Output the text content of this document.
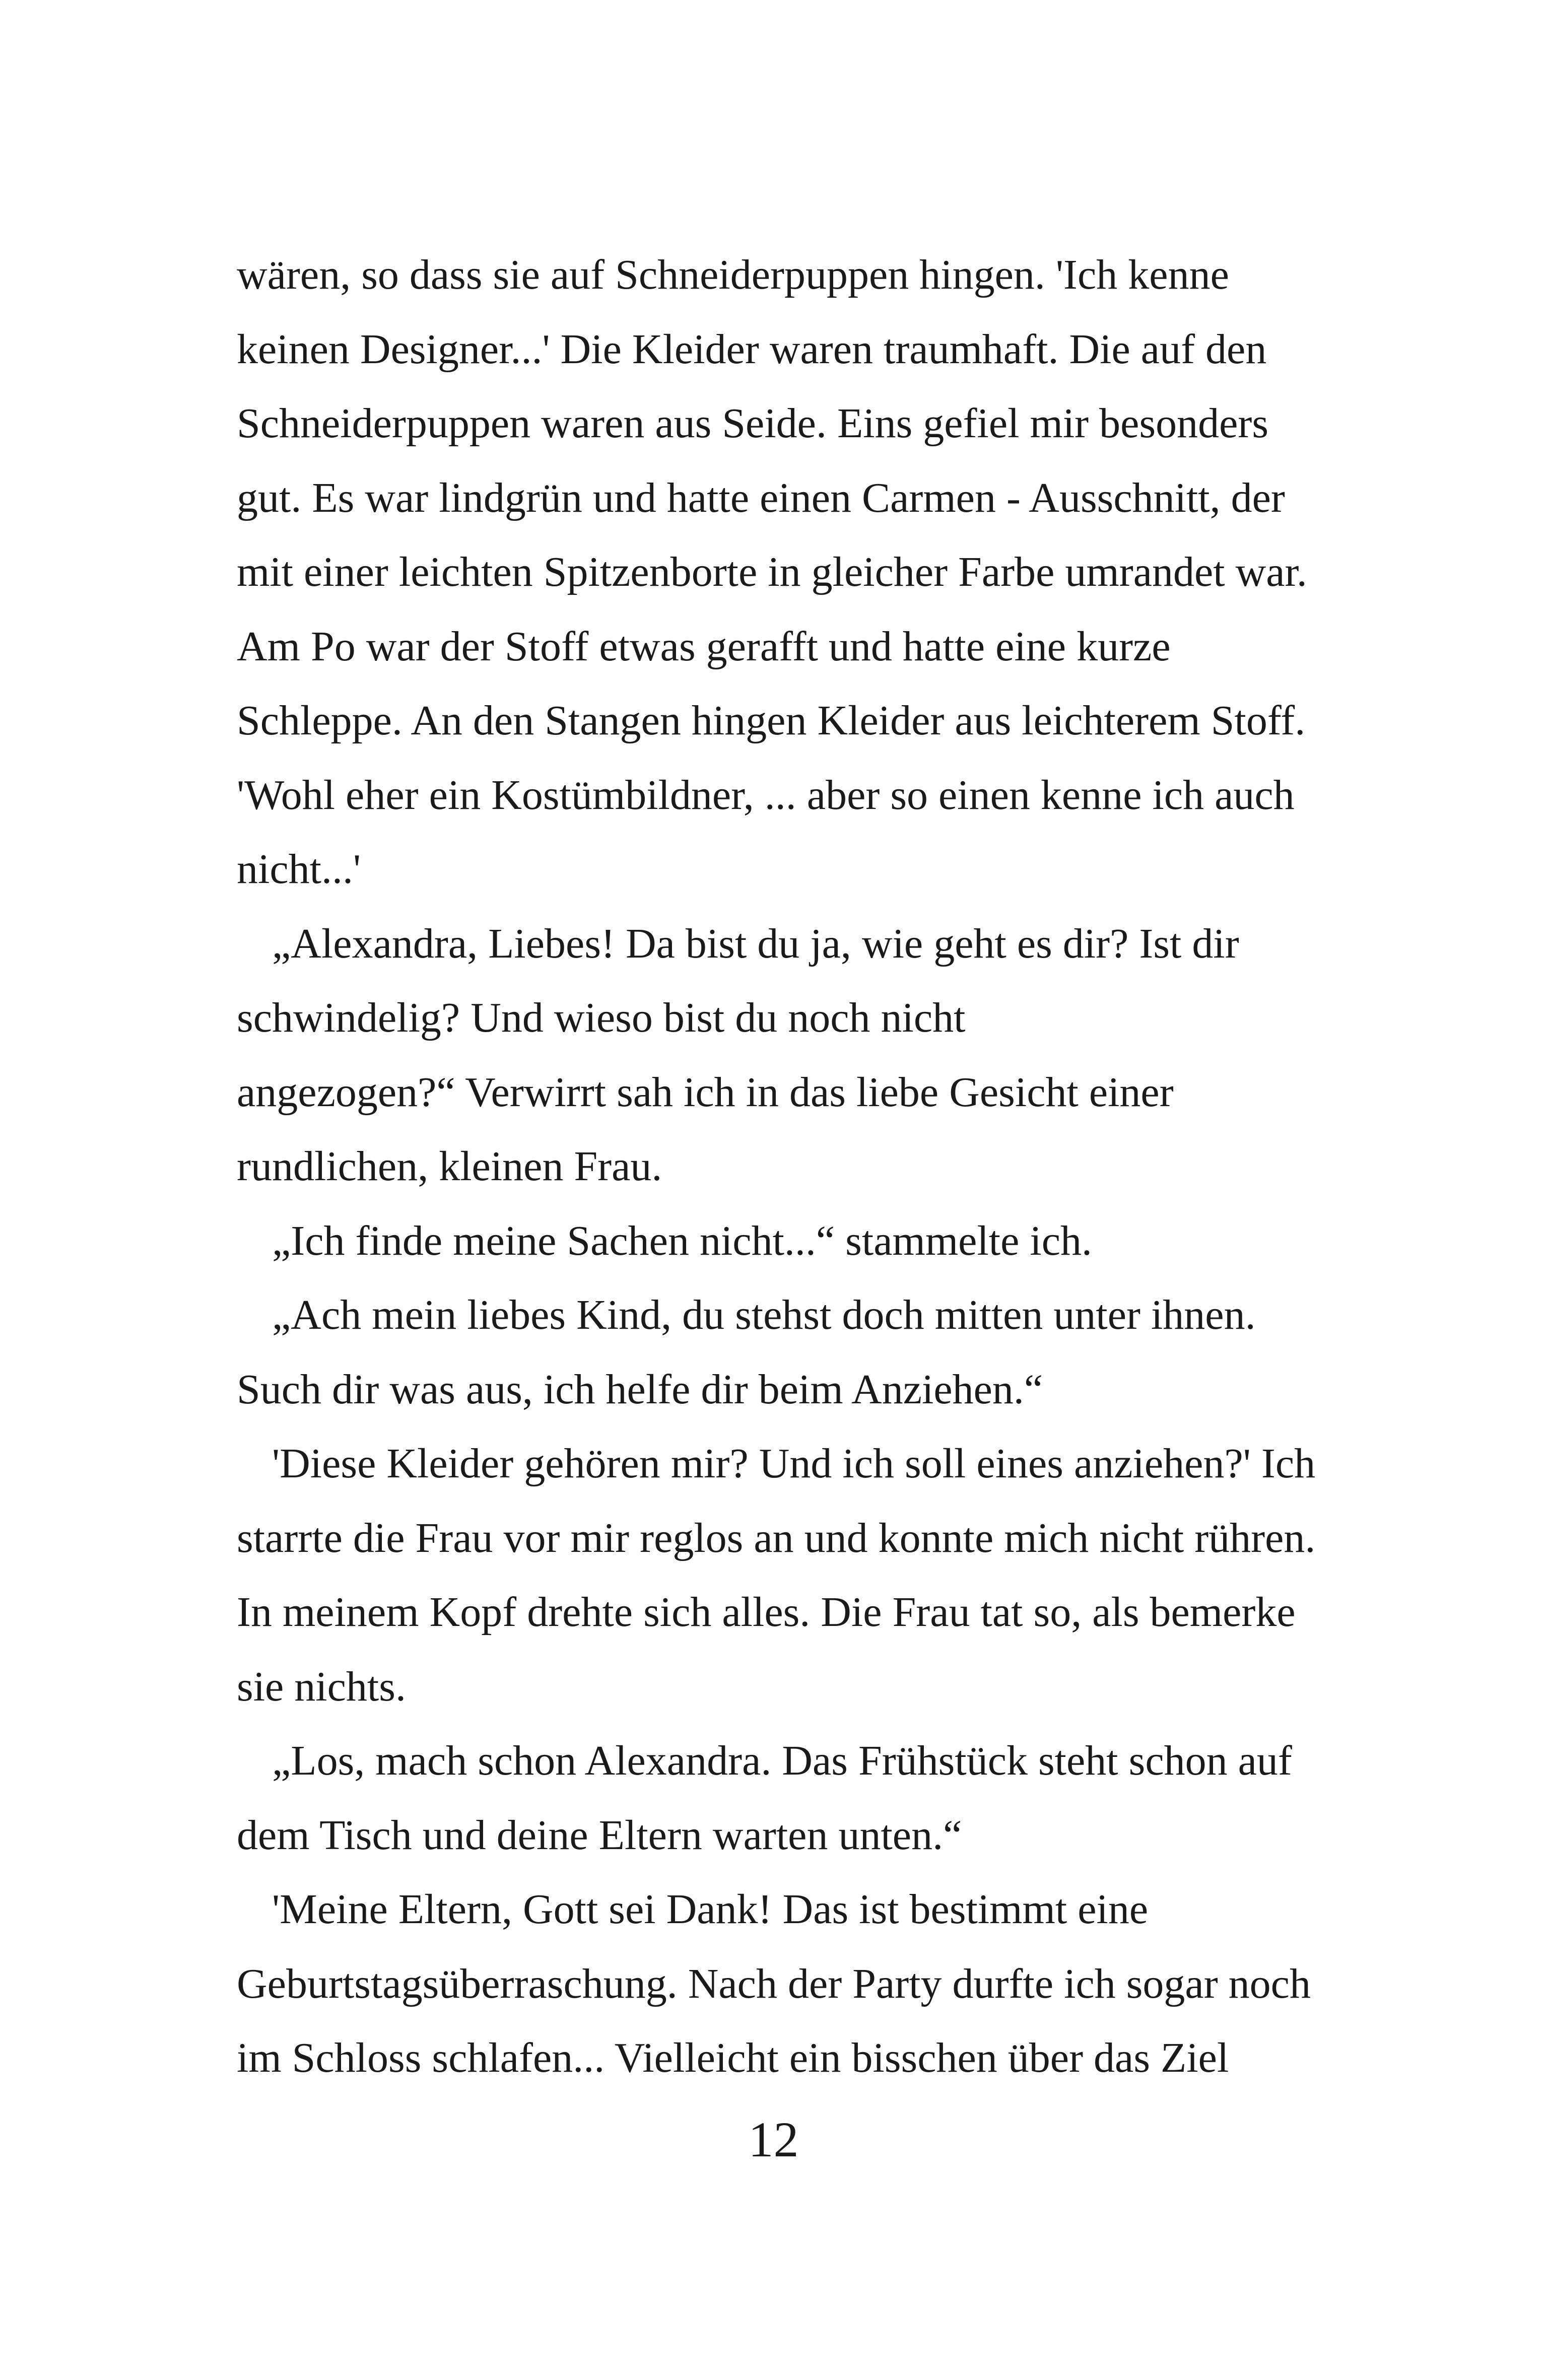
wären, so dass sie auf Schneiderpuppen hingen. 'Ich kenne
keinen Designer...' Die Kleider waren traumhaft. Die auf den
Schneiderpuppen waren aus Seide. Eins gefiel mir besonders
gut. Es war lindgrün und hatte einen Carmen - Ausschnitt, der
mit einer leichten Spitzenborte in gleicher Farbe umrandet war.
Am Po war der Stoff etwas gerafft und hatte eine kurze
Schleppe. An den Stangen hingen Kleider aus leichterem Stoff.
'Wohl eher ein Kostümbildner, ... aber so einen kenne ich auch
nicht...'
„Alexandra, Liebes! Da bist du ja, wie geht es dir? Ist dir
schwindelig? Und wieso bist du noch nicht
angezogen?“ Verwirrt sah ich in das liebe Gesicht einer
rundlichen, kleinen Frau.
„Ich finde meine Sachen nicht...“ stammelte ich.
„Ach mein liebes Kind, du stehst doch mitten unter ihnen.
Such dir was aus, ich helfe dir beim Anziehen.“
'Diese Kleider gehören mir? Und ich soll eines anziehen?' Ich
starrte die Frau vor mir reglos an und konnte mich nicht rühren.
In meinem Kopf drehte sich alles. Die Frau tat so, als bemerke
sie nichts.
„Los, mach schon Alexandra. Das Frühstück steht schon auf
dem Tisch und deine Eltern warten unten.“
'Meine Eltern, Gott sei Dank! Das ist bestimmt eine
Geburtstagsüberraschung. Nach der Party durfte ich sogar noch
im Schloss schlafen... Vielleicht ein bisschen über das Ziel
12
